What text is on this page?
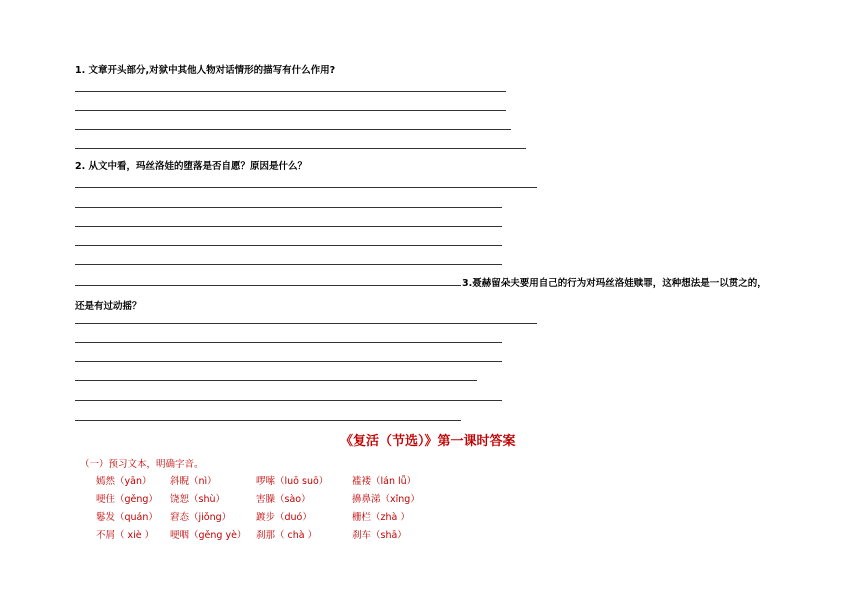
1. 文章开头部分,对狱中其他人物对话情形的描写有什么作用?
2. 从文中看，玛丝洛娃的堕落是否自愿？原因是什么？
3.聂赫留朵夫要用自己的行为对玛丝洛娃赎罪，这种想法是一以贯之的，
还是有过动摇？
《复活（节选）》第一课时答案
（一）预习文本，明确字音。
嫣然（yān） 斜睨（nì）	啰嗦（luō suō） 褴褛（lán lǚ）
哽住（gěng） 饶恕（shù）	害臊（sào）	擤鼻涕（xǐng）
鬈发（quán） 窘态（jiǒng）	踱步（duó）	栅栏（zhà ）
不屑（ xiè ） 哽咽（gěng yè） 刹那（ chà ）	刹车（shā）
